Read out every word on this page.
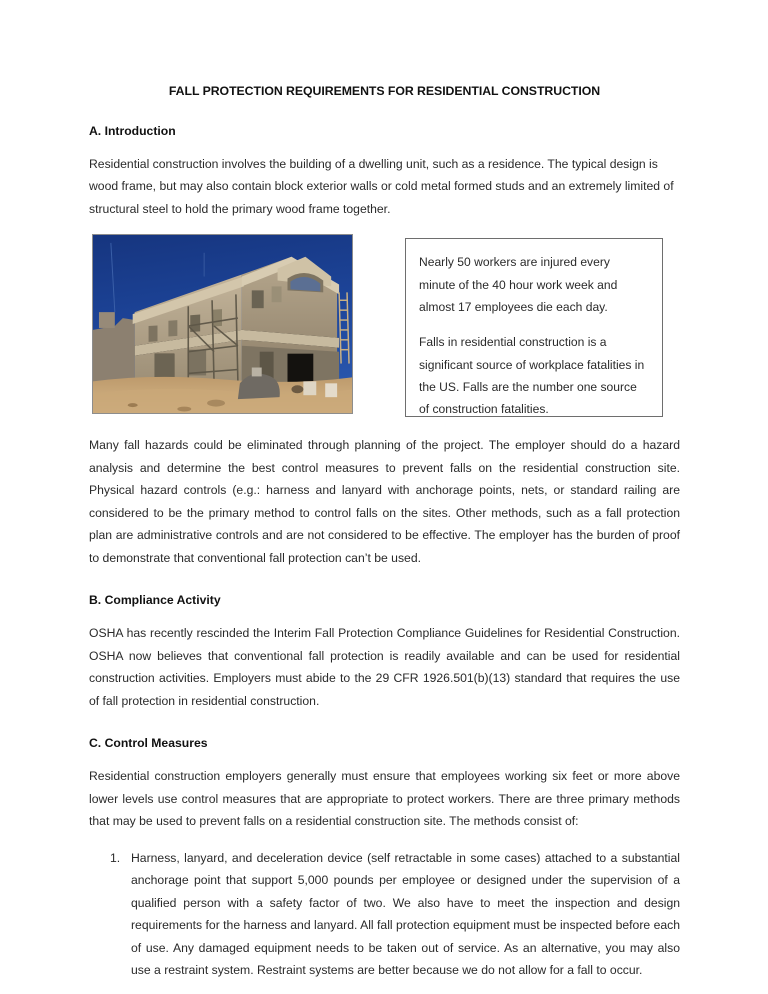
FALL PROTECTION REQUIREMENTS FOR RESIDENTIAL CONSTRUCTION
A. Introduction

Residential construction involves the building of a dwelling unit, such as a residence. The typical design is wood frame, but may also contain block exterior walls or cold metal formed studs and an extremely limited of structural steel to hold the primary wood frame together.

Nearly 50 workers are injured every minute of the 40 hour work week and almost 17 employees die each day.

Falls in residential construction is a significant source of workplace fatalities in the US. Falls are the number one source of construction fatalities.

Many fall hazards could be eliminated through planning of the project. The employer should do a hazard analysis and determine the best control measures to prevent falls on the residential construction site. Physical hazard controls (e.g.: harness and lanyard with anchorage points, nets, or standard railing are considered to be the primary method to control falls on the sites. Other methods, such as a fall protection plan are administrative controls and are not considered to be effective. The employer has the burden of proof to demonstrate that conventional fall protection can’t be used.

B. Compliance Activity

OSHA has recently rescinded the Interim Fall Protection Compliance Guidelines for Residential Construction. OSHA now believes that conventional fall protection is readily available and can be used for residential construction activities. Employers must abide to the 29 CFR 1926.501(b)(13) standard that requires the use of fall protection in residential construction.

C. Control Measures

Residential construction employers generally must ensure that employees working six feet or more above lower levels use control measures that are appropriate to protect workers. There are three primary methods that may be used to prevent falls on a residential construction site. The methods consist of:

Harness, lanyard, and deceleration device (self retractable in some cases) attached to a substantial anchorage point that support 5,000 pounds per employee or designed under the supervision of a qualified person with a safety factor of two. We also have to meet the inspection and design requirements for the harness and lanyard. All fall protection equipment must be inspected before each of use. Any damaged equipment needs to be taken out of service. As an alternative, you may also use a restraint system. Restraint systems are better because we do not allow for a fall to occur.
